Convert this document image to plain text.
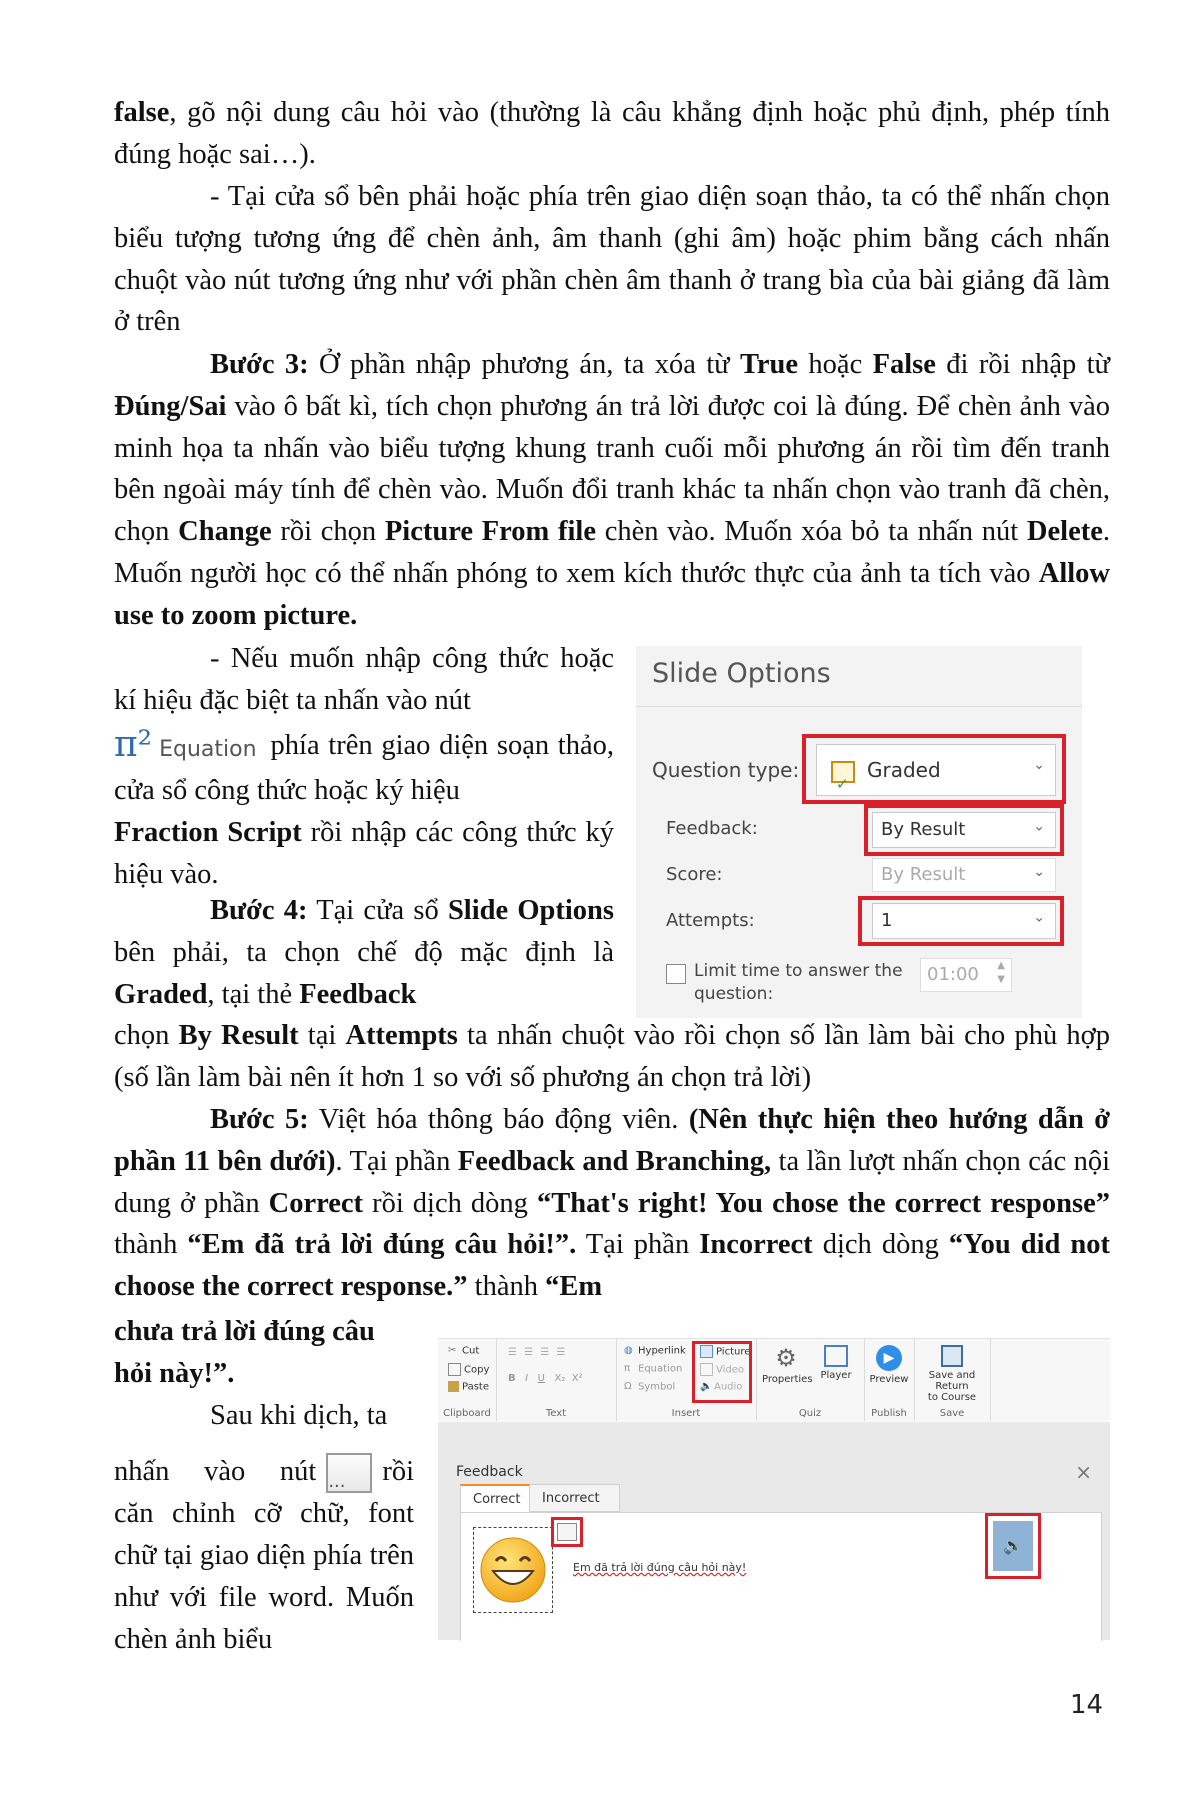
false, gõ nội dung câu hỏi vào (thường là câu khẳng định hoặc phủ định, phép tính đúng hoặc sai…).

- Tại cửa sổ bên phải hoặc phía trên giao diện soạn thảo, ta có thể nhấn chọn biểu tượng tương ứng để chèn ảnh, âm thanh (ghi âm) hoặc phim bằng cách nhấn chuột vào nút tương ứng như với phần chèn âm thanh ở trang bìa của bài giảng đã làm ở trên

Bước 3: Ở phần nhập phương án, ta xóa từ True hoặc False đi rồi nhập từ Đúng/Sai vào ô bất kì, tích chọn phương án trả lời được coi là đúng. Để chèn ảnh vào minh họa ta nhấn vào biểu tượng khung tranh cuối mỗi phương án rồi tìm đến tranh bên ngoài máy tính để chèn vào. Muốn đổi tranh khác ta nhấn chọn vào tranh đã chèn, chọn Change rồi chọn Picture From file chèn vào. Muốn xóa bỏ ta nhấn nút Delete. Muốn người học có thể nhấn phóng to xem kích thước thực của ảnh ta tích vào Allow use to zoom picture.

- Nếu muốn nhập công thức hoặc kí hiệu đặc biệt ta nhấn vào nút

π² Equation phía trên giao diện soạn thảo, cửa sổ công thức hoặc ký hiệu

Fraction Script rồi nhập các công thức ký hiệu vào.

Bước 4: Tại cửa sổ Slide Options bên phải, ta chọn chế độ mặc định là Graded, tại thẻ Feedback

chọn By Result tại Attempts ta nhấn chuột vào rồi chọn số lần làm bài cho phù hợp (số lần làm bài nên ít hơn 1 so với số phương án chọn trả lời)

Bước 5: Việt hóa thông báo động viên. (Nên thực hiện theo hướng dẫn ở phần 11 bên dưới). Tại phần Feedback and Branching, ta lần lượt nhấn chọn các nội dung ở phần Correct rồi dịch dòng “That's right! You chose the correct response” thành “Em đã trả lời đúng câu hỏi!”. Tại phần Incorrect dịch dòng “You did not choose the correct response.” thành “Em

chưa trả lời đúng câu

hỏi này!”.

Sau khi dịch, ta

nhấn vào nút ...	rồi

căn chỉnh cỡ chữ, font chữ tại giao diện phía trên như với file word. Muốn chèn ảnh biểu

Slide Options
Question type:
✓	Graded	⌄
Feedback:	By Result	⌄
Score:	By Result	⌄
Attempts:	1	⌄
Limit time to answer the
question:
01:00 ▲
▼
✂ Cut
Copy
Paste
Clipboard
☰ ☰ ☰ ☰
B I U X₂ X²
Text
◍ Hyperlink
π Equation
Ω Symbol
Picture
Video
🔈 Audio
Insert
⚙
Properties Player
Quiz
▶
Preview
Publish
Save and Return
to Course
Save
Feedback	×
Correct	Incorrect
Em đã trả lời đúng câu hỏi này!
🔈
14
